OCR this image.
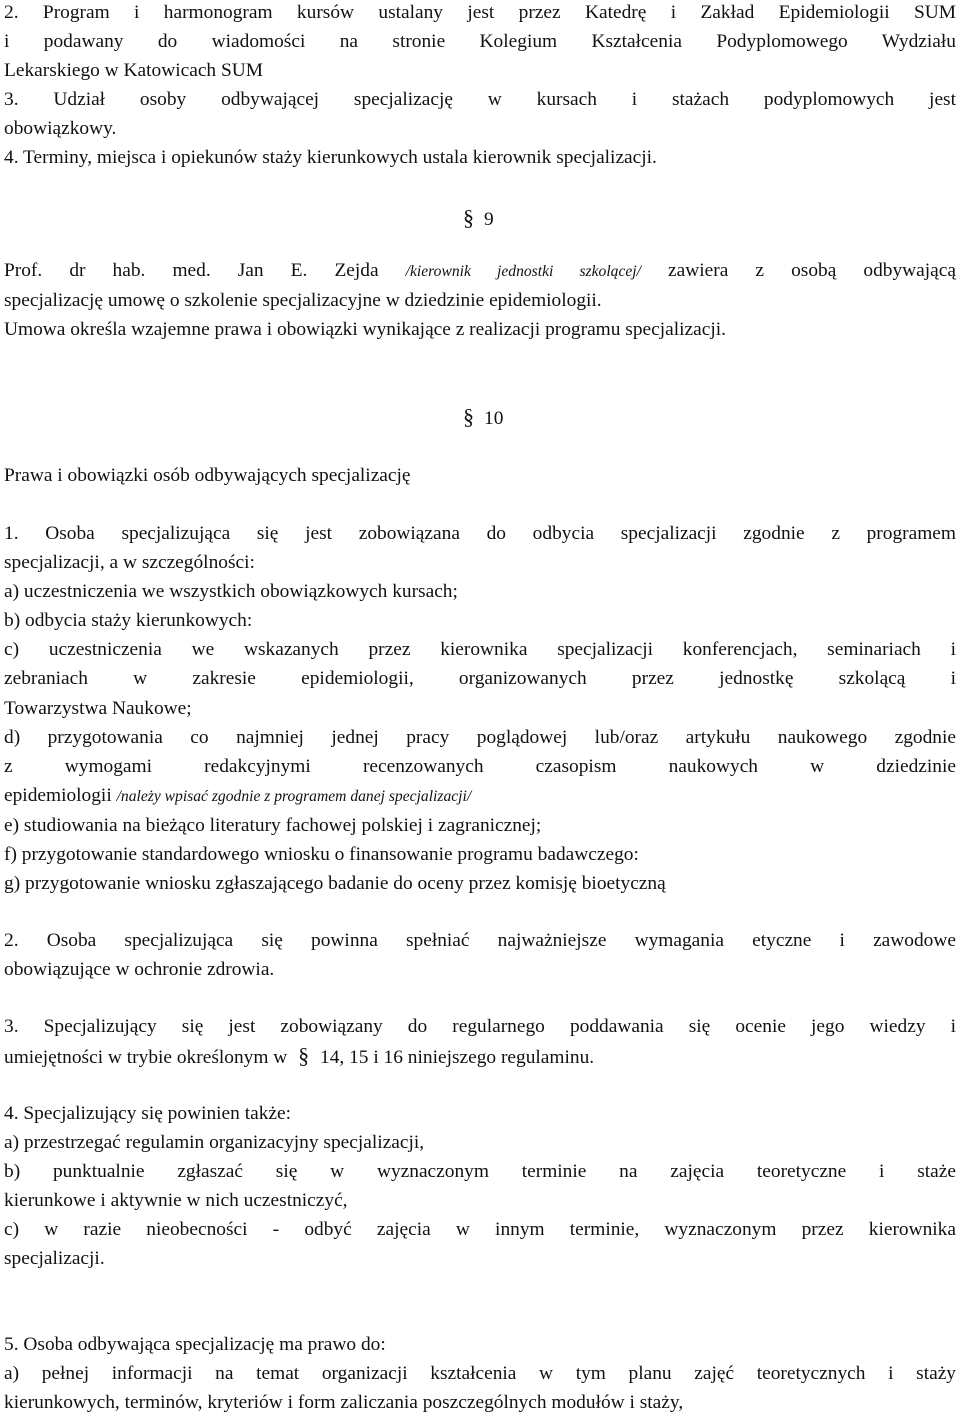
2. Program i harmonogram kursów ustalany jest przez Katedrę i Zakład Epidemiologii SUM

i podawany do wiadomości na stronie Kolegium Kształcenia Podyplomowego Wydziału

Lekarskiego w Katowicach SUM

3. Udział osoby odbywającej specjalizację w kursach i stażach podyplomowych jest

obowiązkowy.

4. Terminy, miejsca i opiekunów staży kierunkowych ustala kierownik specjalizacji.

§ 9

Prof. dr hab. med. Jan E. Zejda /kierownik jednostki szkolącej/ zawiera z osobą odbywającą

specjalizację umowę o szkolenie specjalizacyjne w dziedzinie epidemiologii.

Umowa określa wzajemne prawa i obowiązki wynikające z realizacji programu specjalizacji.

§ 10

Prawa i obowiązki osób odbywających specjalizację

1. Osoba specjalizująca się jest zobowiązana do odbycia specjalizacji zgodnie z programem

specjalizacji, a w szczególności:

a) uczestniczenia we wszystkich obowiązkowych kursach;

b) odbycia staży kierunkowych:

c) uczestniczenia we wskazanych przez kierownika specjalizacji konferencjach, seminariach i

zebraniach w zakresie epidemiologii, organizowanych przez jednostkę szkolącą i

Towarzystwa Naukowe;

d) przygotowania co najmniej jednej pracy poglądowej lub/oraz artykułu naukowego zgodnie

z wymogami redakcyjnymi recenzowanych czasopism naukowych w dziedzinie

epidemiologii /należy wpisać zgodnie z programem danej specjalizacji/

e) studiowania na bieżąco literatury fachowej polskiej i zagranicznej;

f) przygotowanie standardowego wniosku o finansowanie programu badawczego:

g) przygotowanie wniosku zgłaszającego badanie do oceny przez komisję bioetyczną

2. Osoba specjalizująca się powinna spełniać najważniejsze wymagania etyczne i zawodowe

obowiązujące w ochronie zdrowia.

3. Specjalizujący się jest zobowiązany do regularnego poddawania się ocenie jego wiedzy i

umiejętności w trybie określonym w § 14, 15 i 16 niniejszego regulaminu.

4. Specjalizujący się powinien także:

a) przestrzegać regulamin organizacyjny specjalizacji,

b) punktualnie zgłaszać się w wyznaczonym terminie na zajęcia teoretyczne i staże

kierunkowe i aktywnie w nich uczestniczyć,

c) w razie nieobecności - odbyć zajęcia w innym terminie, wyznaczonym przez kierownika

specjalizacji.

5. Osoba odbywająca specjalizację ma prawo do:

a) pełnej informacji na temat organizacji kształcenia w tym planu zajęć teoretycznych i staży

kierunkowych, terminów, kryteriów i form zaliczania poszczególnych modułów i staży,
